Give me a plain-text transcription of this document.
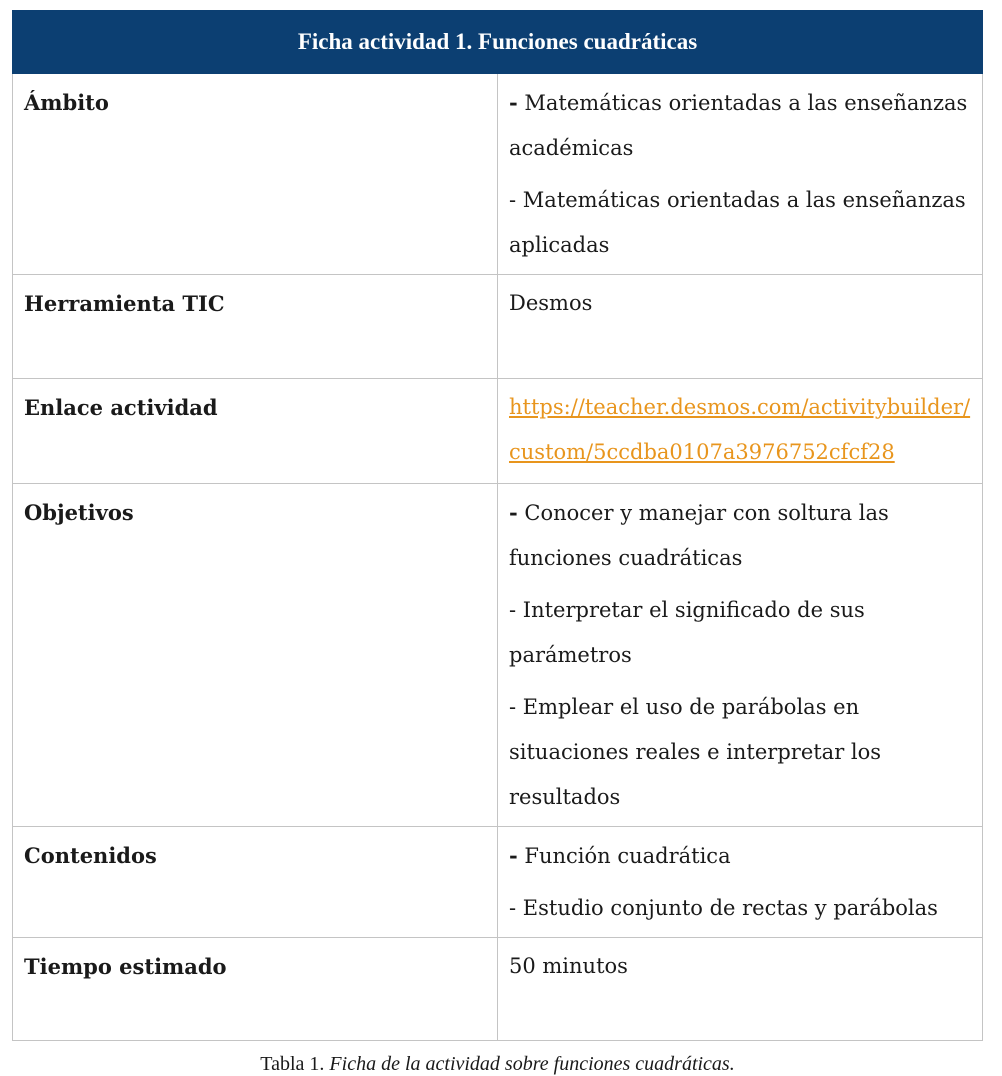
Ficha actividad 1. Funciones cuadráticas	
Ámbito	- Matemáticas orientadas a las enseñanzas académicas

- Matemáticas orientadas a las enseñanzas aplicadas

Herramienta TIC	Desmos
Enlace actividad	https://teacher.desmos.com/activitybuilder/custom/5ccdba0107a3976752cfcf28
Objetivos	- Conocer y manejar con soltura las funciones cuadráticas

- Interpretar el significado de sus parámetros

- Emplear el uso de parábolas en situaciones reales e interpretar los resultados

Contenidos	- Función cuadrática

- Estudio conjunto de rectas y parábolas

Tiempo estimado	50 minutos
Tabla 1. Ficha de la actividad sobre funciones cuadráticas.
